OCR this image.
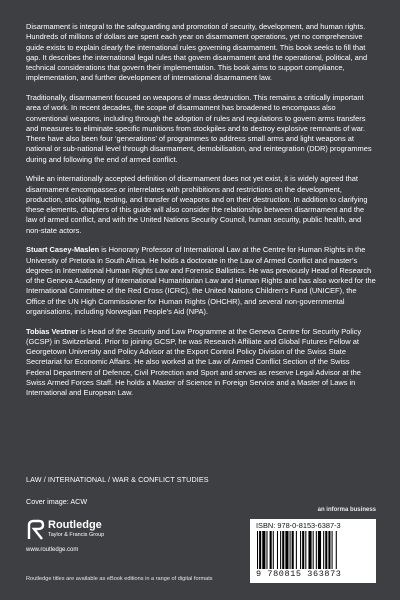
Disarmament is integral to the safeguarding and promotion of security, development, and human rights. Hundreds of millions of dollars are spent each year on disarmament operations, yet no comprehensive guide exists to explain clearly the international rules governing disarmament. This book seeks to fill that gap. It describes the international legal rules that govern disarmament and the operational, political, and technical considerations that govern their implementation. This book aims to support compliance, implementation, and further development of international disarmament law.

Traditionally, disarmament focused on weapons of mass destruction. This remains a critically important area of work. In recent decades, the scope of disarmament has broadened to encompass also conventional weapons, including through the adoption of rules and regulations to govern arms transfers and measures to eliminate specific munitions from stockpiles and to destroy explosive remnants of war. There have also been four ‘generations’ of programmes to address small arms and light weapons at national or sub-national level through disarmament, demobilisation, and reintegration (DDR) programmes during and following the end of armed conflict.

While an internationally accepted definition of disarmament does not yet exist, it is widely agreed that disarmament encompasses or interrelates with prohibitions and restrictions on the development, production, stockpiling, testing, and transfer of weapons and on their destruction. In addition to clarifying these elements, chapters of this guide will also consider the relationship between disarmament and the law of armed conflict, and with the United Nations Security Council, human security, public health, and non-state actors.

Stuart Casey-Maslen is Honorary Professor of International Law at the Centre for Human Rights in the University of Pretoria in South Africa. He holds a doctorate in the Law of Armed Conflict and master’s degrees in International Human Rights Law and Forensic Ballistics. He was previously Head of Research of the Geneva Academy of International Humanitarian Law and Human Rights and has also worked for the International Committee of the Red Cross (ICRC), the United Nations Children’s Fund (UNICEF), the Office of the UN High Commissioner for Human Rights (OHCHR), and several non-governmental organisations, including Norwegian People’s Aid (NPA).

Tobias Vestner is Head of the Security and Law Programme at the Geneva Centre for Security Policy (GCSP) in Switzerland. Prior to joining GCSP, he was Research Affiliate and Global Futures Fellow at Georgetown University and Policy Advisor at the Export Control Policy Division of the Swiss State Secretariat for Economic Affairs. He also worked at the Law of Armed Conflict Section of the Swiss Federal Department of Defence, Civil Protection and Sport and serves as reserve Legal Advisor at the Swiss Armed Forces Staff. He holds a Master of Science in Foreign Service and a Master of Laws in International and European Law.

LAW / INTERNATIONAL / WAR & CONFLICT STUDIES
Cover image: ACW
an informa business
Routledge
Taylor & Francis Group
www.routledge.com
Routledge titles are available as eBook editions in a range of digital formats
ISBN: 978-0-8153-6387-3
9 780815 363873
